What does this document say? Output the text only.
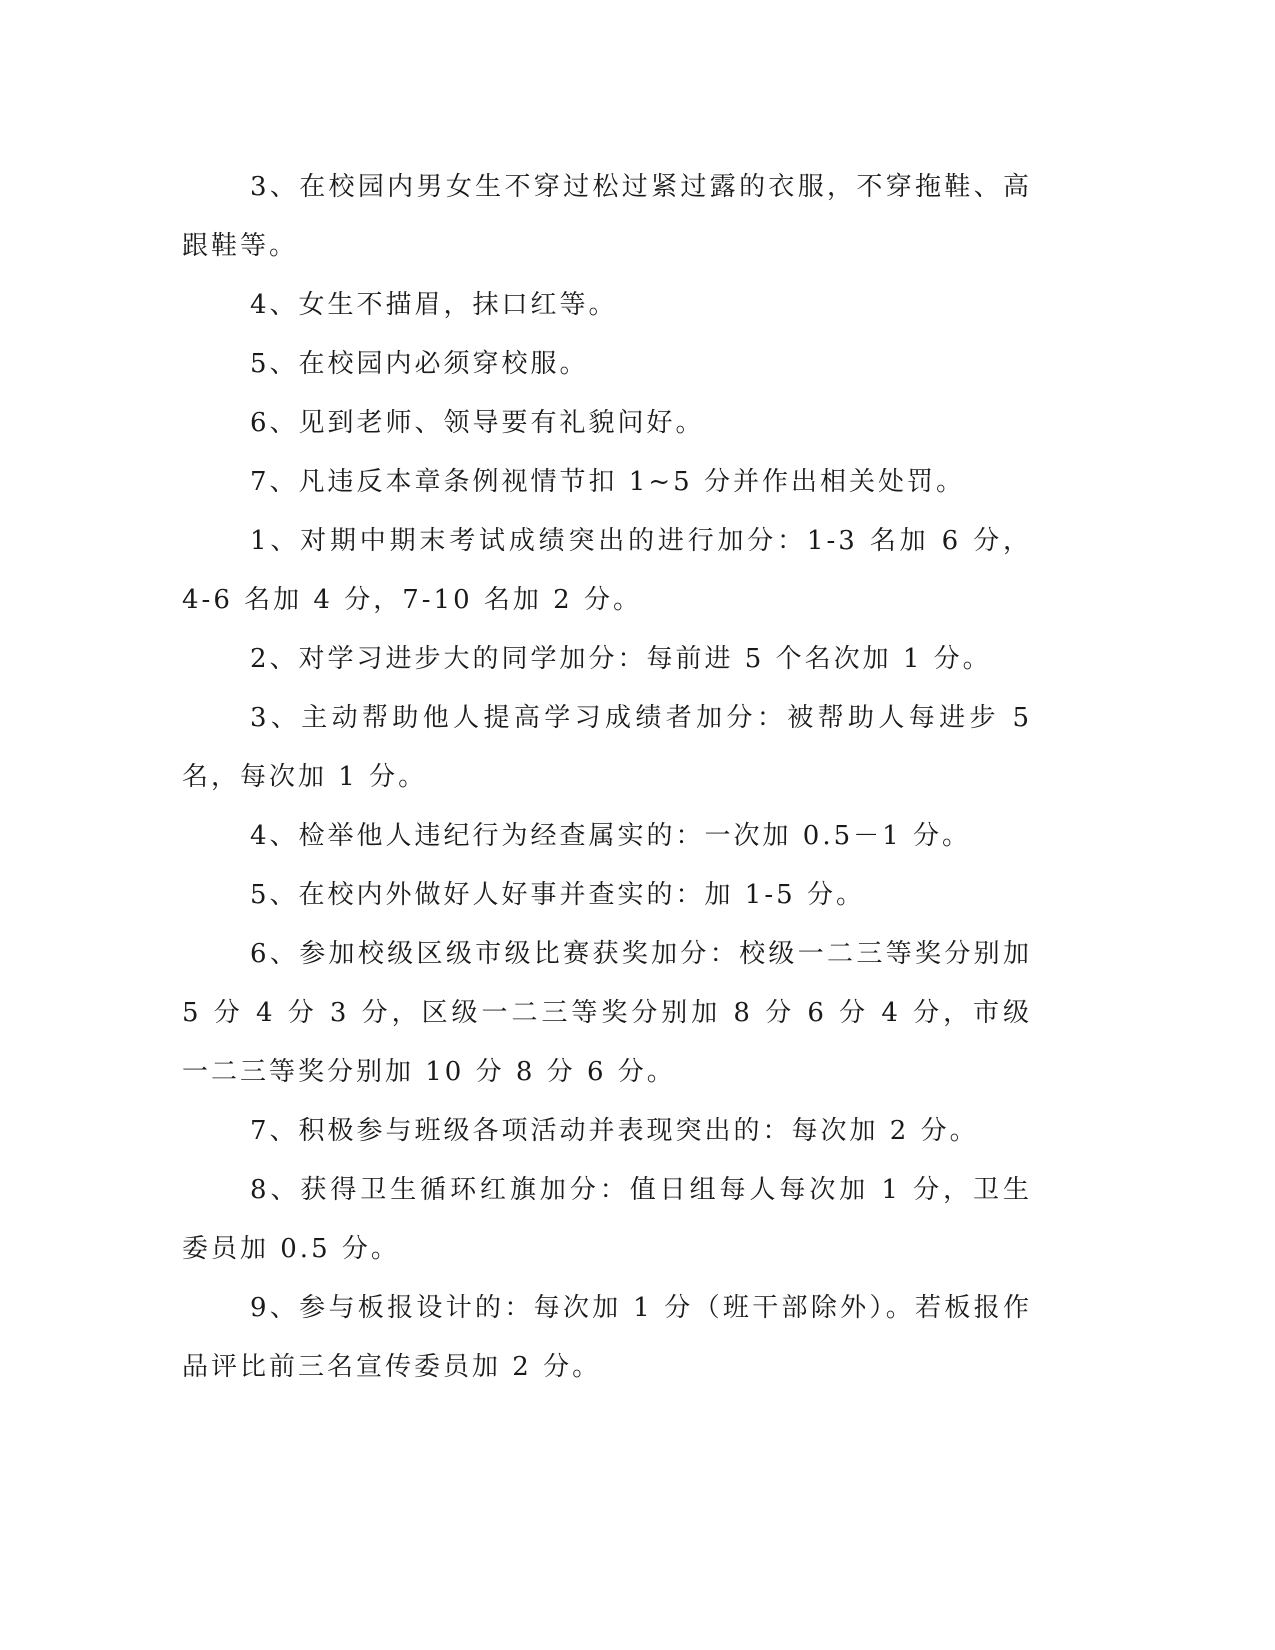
3、在校园内男女生不穿过松过紧过露的衣服，不穿拖鞋、高跟鞋等。

4、女生不描眉，抹口红等。

5、在校园内必须穿校服。

6、见到老师、领导要有礼貌问好。

7、凡违反本章条例视情节扣 1~5 分并作出相关处罚。

1、对期中期末考试成绩突出的进行加分：1-3 名加 6 分，4-6 名加 4 分，7-10 名加 2 分。

2、对学习进步大的同学加分：每前进 5 个名次加 1 分。

3、主动帮助他人提高学习成绩者加分：被帮助人每进步 5 名，每次加 1 分。

4、检举他人违纪行为经查属实的：一次加 0.5－1 分。

5、在校内外做好人好事并查实的：加 1-5 分。

6、参加校级区级市级比赛获奖加分：校级一二三等奖分别加 5 分 4 分 3 分，区级一二三等奖分别加 8 分 6 分 4 分，市级一二三等奖分别加 10 分 8 分 6 分。

7、积极参与班级各项活动并表现突出的：每次加 2 分。

8、获得卫生循环红旗加分：值日组每人每次加 1 分，卫生委员加 0.5 分。

9、参与板报设计的：每次加 1 分（班干部除外）。若板报作品评比前三名宣传委员加 2 分。
